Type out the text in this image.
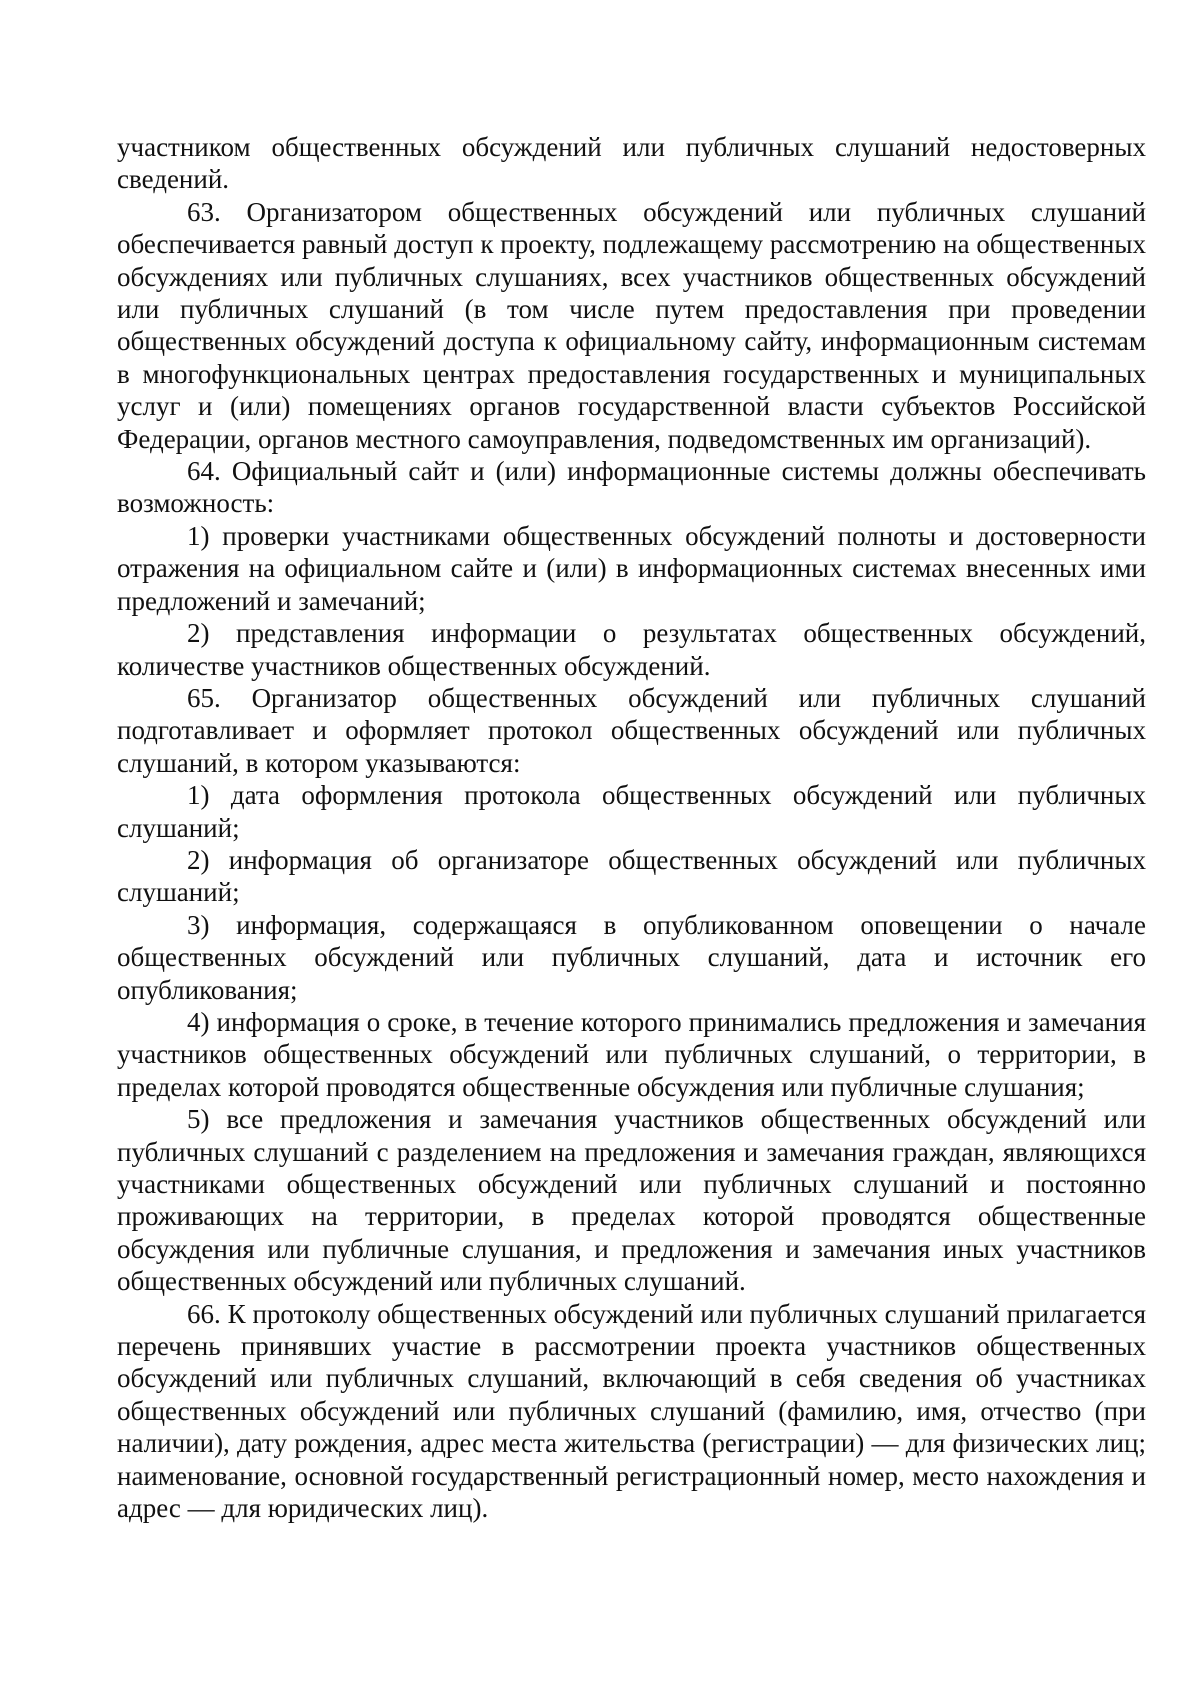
участником общественных обсуждений или публичных слушаний недостоверных сведений.

63. Организатором общественных обсуждений или публичных слушаний обеспечивается равный доступ к проекту, подлежащему рассмотрению на общественных обсуждениях или публичных слушаниях, всех участников общественных обсуждений или публичных слушаний (в том числе путем предоставления при проведении общественных обсуждений доступа к официальному сайту, информационным системам в многофункциональных центрах предоставления государственных и муниципальных услуг и (или) помещениях органов государственной власти субъектов Российской Федерации, органов местного самоуправления, подведомственных им организаций).

64. Официальный сайт и (или) информационные системы должны обеспечивать возможность:

1) проверки участниками общественных обсуждений полноты и достоверности отражения на официальном сайте и (или) в информационных системах внесенных ими предложений и замечаний;

2) представления информации о результатах общественных обсуждений, количестве участников общественных обсуждений.

65. Организатор общественных обсуждений или публичных слушаний подготавливает и оформляет протокол общественных обсуждений или публичных слушаний, в котором указываются:

1) дата оформления протокола общественных обсуждений или публичных слушаний;

2) информация об организаторе общественных обсуждений или публичных слушаний;

3) информация, содержащаяся в опубликованном оповещении о начале общественных обсуждений или публичных слушаний, дата и источник его опубликования;

4) информация о сроке, в течение которого принимались предложения и замечания участников общественных обсуждений или публичных слушаний, о территории, в пределах которой проводятся общественные обсуждения или публичные слушания;

5) все предложения и замечания участников общественных обсуждений или публичных слушаний с разделением на предложения и замечания граждан, являющихся участниками общественных обсуждений или публичных слушаний и постоянно проживающих на территории, в пределах которой проводятся общественные обсуждения или публичные слушания, и предложения и замечания иных участников общественных обсуждений или публичных слушаний.

66. К протоколу общественных обсуждений или публичных слушаний прилагается перечень принявших участие в рассмотрении проекта участников общественных обсуждений или публичных слушаний, включающий в себя сведения об участниках общественных обсуждений или публичных слушаний (фамилию, имя, отчество (при наличии), дату рождения, адрес места жительства (регистрации) — для физических лиц; наименование, основной государственный регистрационный номер, место нахождения и адрес — для юридических лиц).
